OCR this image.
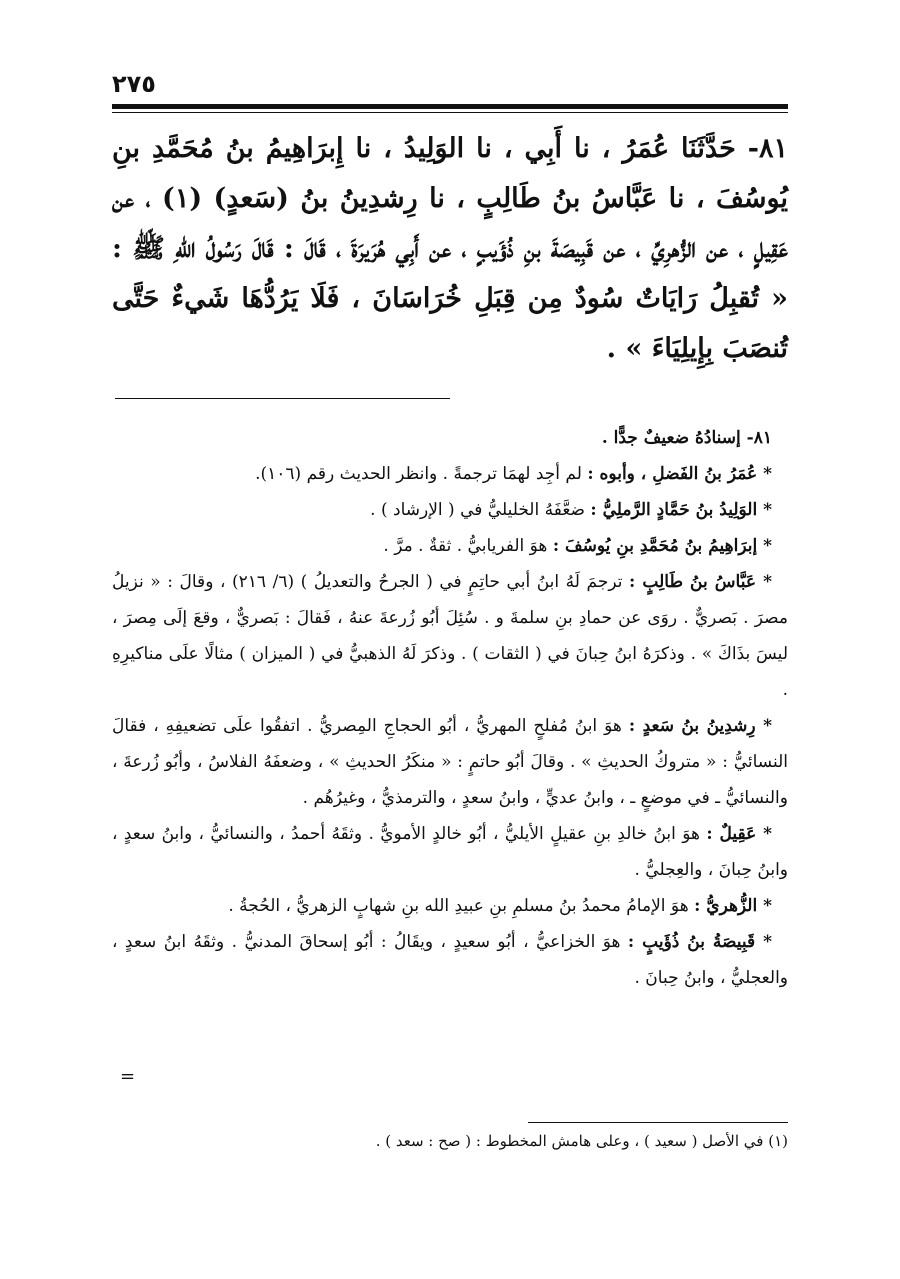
٢٧٥
٨١- حَدَّثَنَا عُمَرُ ، نا أَبِي ، نا الوَلِيدُ ، نا إِبرَاهِيمُ بنُ مُحَمَّدِ بنِ يُوسُفَ ، نا عَبَّاسُ بنُ طَالِبٍ ، نا رِشدِينُ بنُ (سَعدٍ) (١) ، عن عَقِيلٍ ، عن الزُّهرِيِّ ، عن قَبِيصَةَ بنِ ذُؤَيبٍ ، عن أَبِي هُرَيرَةَ ، قَالَ : قَالَ رَسُولُ اللهِ ﷺ : « تُقبِلُ رَايَاتٌ سُودٌ مِن قِبَلِ خُرَاسَانَ ، فَلَا يَرُدُّهَا شَيءٌ حَتَّى تُنصَبَ بِإِيلِيَاءَ » .

٨١- إسنادُهُ ضعيفٌ جدًّا .

* عُمَرُ بنُ الفَضلِ ، وأبوه : لم أجِد لهمَا ترجمةً . وانظر الحديث رقم (١٠٦).

* الوَلِيدُ بنُ حَمَّادٍ الرَّملِيُّ : ضعَّفَهُ الخليليُّ في ( الإرشاد ) .

* إبرَاهِيمُ بنُ مُحَمَّدِ بنِ يُوسُفَ : هوَ الفريابيُّ . ثقةٌ . مرَّ .

* عَبَّاسُ بنُ طَالِبٍ : ترجمَ لَهُ ابنُ أبي حاتِمٍ في ( الجرحُ والتعديلُ ) (٦/ ٢١٦) ، وقالَ : « نزيلُ مصرَ . بَصريٌّ . روَى عن حمادِ بنِ سلمةَ و . سُئِلَ أبُو زُرعةَ عنهُ ، فَقالَ : بَصريٌّ ، وقعَ إلَى مِصرَ ، ليسَ بذَاكَ » . وذكرَهُ ابنُ حِبانَ في ( الثقات ) . وذكرَ لَهُ الذهبيُّ في ( الميزان ) مثالًا علَى مناكيرِهِ .

* رِشدِينُ بنُ سَعدٍ : هوَ ابنُ مُفلحٍ المهريُّ ، أبُو الحجاجِ المِصريُّ . اتفقُوا علَى تضعيفِهِ ، فقالَ النسائيُّ : « متروكُ الحديثِ » . وقالَ أبُو حاتمٍ : « منكَرُ الحديثِ » ، وضعفَهُ الفلاسُ ، وأبُو زُرعةَ ، والنسائيُّ ـ في موضعٍ ـ ، وابنُ عديٍّ ، وابنُ سعدٍ ، والترمذيُّ ، وغيرُهُم .

* عَقِيلٌ : هوَ ابنُ خالدِ بنِ عقيلٍ الأيليُّ ، أبُو خالدٍ الأمويُّ . وثقَهُ أحمدُ ، والنسائيُّ ، وابنُ سعدٍ ، وابنُ حِبانَ ، والعِجليُّ .

* الزُّهريُّ : هوَ الإمامُ محمدُ بنُ مسلمِ بنِ عبيدِ الله بنِ شهابٍ الزهريُّ ، الحُجةُ .

* قَبِيصَةُ بنُ ذُؤَيبٍ : هوَ الخزاعيُّ ، أبُو سعيدٍ ، ويقَالُ : أبُو إسحاقَ المدنيُّ . وثقَهُ ابنُ سعدٍ ، والعجليُّ ، وابنُ حِبانَ .

=
(١) في الأصل ( سعيد ) ، وعلى هامش المخطوط : ( صح : سعد ) .
